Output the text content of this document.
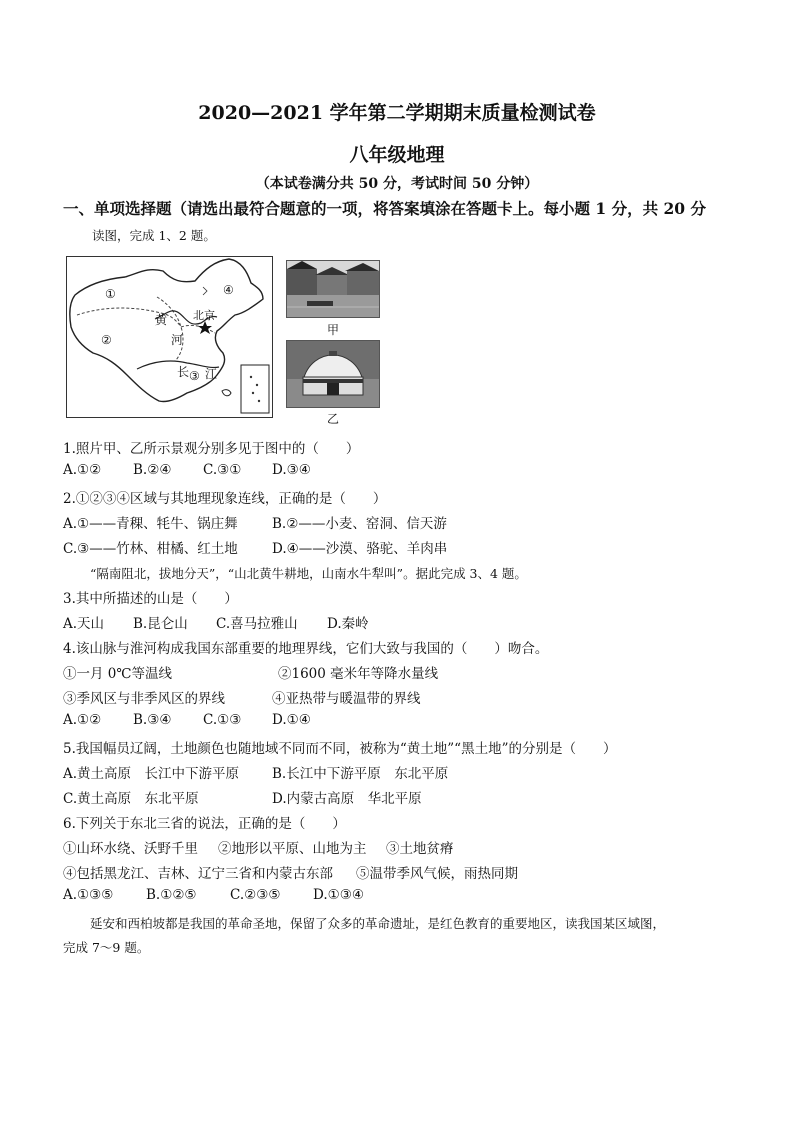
2020—2021 学年第二学期期末质量检测试卷
八年级地理
（本试卷满分共 50 分，考试时间 50 分钟）
一、单项选择题（请选出最符合题意的一项，将答案填涂在答题卡上。每小题 1 分，共 20 分
读图，完成 1、2 题。
①	④
②
③
黄
河
北京
长 江
甲
乙
1.照片甲、乙所示景观分别多见于图中的（　　）
A.①② B.②④ C.③① D.③④
2.①②③④区域与其地理现象连线，正确的是（　　）
A.①——青稞、牦牛、锅庄舞	B.②——小麦、窑洞、信天游
C.③——竹林、柑橘、红土地	D.④——沙漠、骆驼、羊肉串
“隔南阻北，拔地分天”，“山北黄牛耕地，山南水牛犁叫”。据此完成 3、4 题。
3.其中所描述的山是（　　）
A.天山 B.昆仑山 C.喜马拉雅山 D.秦岭
4.该山脉与淮河构成我国东部重要的地理界线，它们大致与我国的（　　）吻合。
①一月 0℃等温线	②1600 毫米年等降水量线
③季风区与非季风区的界线	④亚热带与暖温带的界线
A.①② B.③④ C.①③ D.①④
5.我国幅员辽阔，土地颜色也随地域不同而不同，被称为“黄土地”“黑土地”的分别是（　　）
A.黄土高原　长江中下游平原 B.长江中下游平原　东北平原
C.黄土高原　东北平原	D.内蒙古高原　华北平原
6.下列关于东北三省的说法，正确的是（　　）
①山环水绕、沃野千里 ②地形以平原、山地为主 ③土地贫瘠
④包括黑龙江、吉林、辽宁三省和内蒙古东部 ⑤温带季风气候，雨热同期
A.①③⑤ B.①②⑤ C.②③⑤ D.①③④
延安和西柏坡都是我国的革命圣地，保留了众多的革命遗址，是红色教育的重要地区，读我国某区域图，
完成 7～9 题。
